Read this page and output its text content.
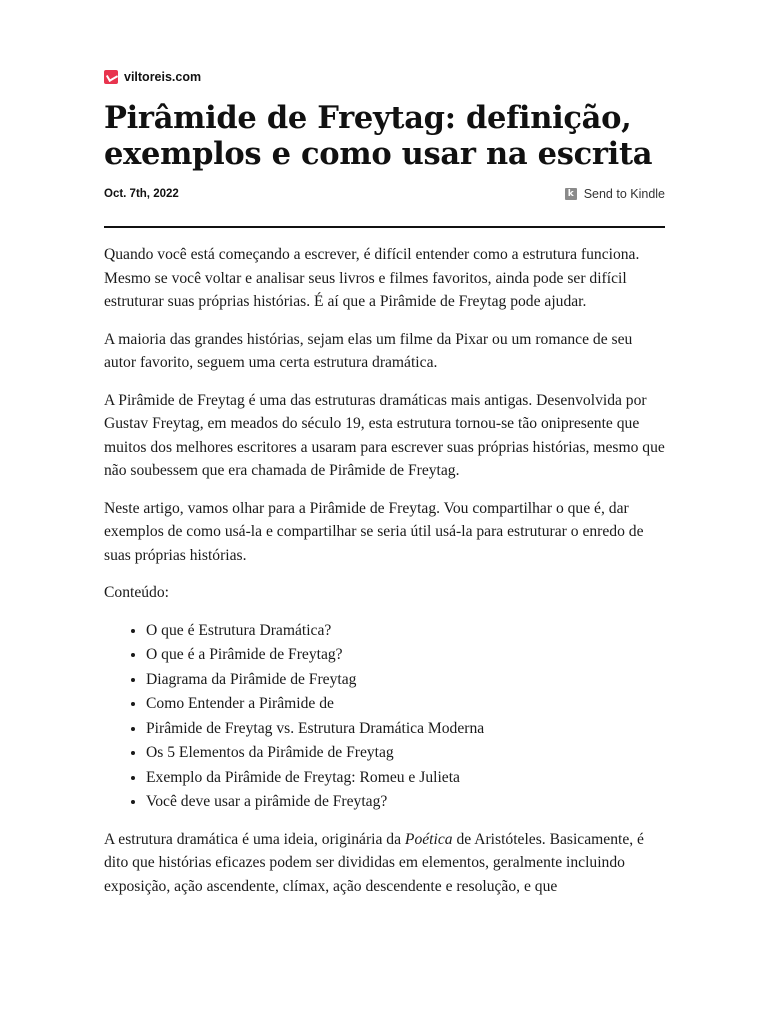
viltoreis.com
Pirâmide de Freytag: definição, exemplos e como usar na escrita
Oct. 7th, 2022	k Send to Kindle

Quando você está começando a escrever, é difícil entender como a estrutura funciona. Mesmo se você voltar e analisar seus livros e filmes favoritos, ainda pode ser difícil estruturar suas próprias histórias. É aí que a Pirâmide de Freytag pode ajudar.

A maioria das grandes histórias, sejam elas um filme da Pixar ou um romance de seu autor favorito, seguem uma certa estrutura dramática.

A Pirâmide de Freytag é uma das estruturas dramáticas mais antigas. Desenvolvida por Gustav Freytag, em meados do século 19, esta estrutura tornou-se tão onipresente que muitos dos melhores escritores a usaram para escrever suas próprias histórias, mesmo que não soubessem que era chamada de Pirâmide de Freytag.

Neste artigo, vamos olhar para a Pirâmide de Freytag. Vou compartilhar o que é, dar exemplos de como usá-la e compartilhar se seria útil usá-la para estruturar o enredo de suas próprias histórias.

Conteúdo:

• O que é Estrutura Dramática?
• O que é a Pirâmide de Freytag?
• Diagrama da Pirâmide de Freytag
• Como Entender a Pirâmide de
• Pirâmide de Freytag vs. Estrutura Dramática Moderna
• Os 5 Elementos da Pirâmide de Freytag
• Exemplo da Pirâmide de Freytag: Romeu e Julieta
• Você deve usar a pirâmide de Freytag?

A estrutura dramática é uma ideia, originária da Poética de Aristóteles. Basicamente, é dito que histórias eficazes podem ser divididas em elementos, geralmente incluindo exposição, ação ascendente, clímax, ação descendente e resolução, e que
